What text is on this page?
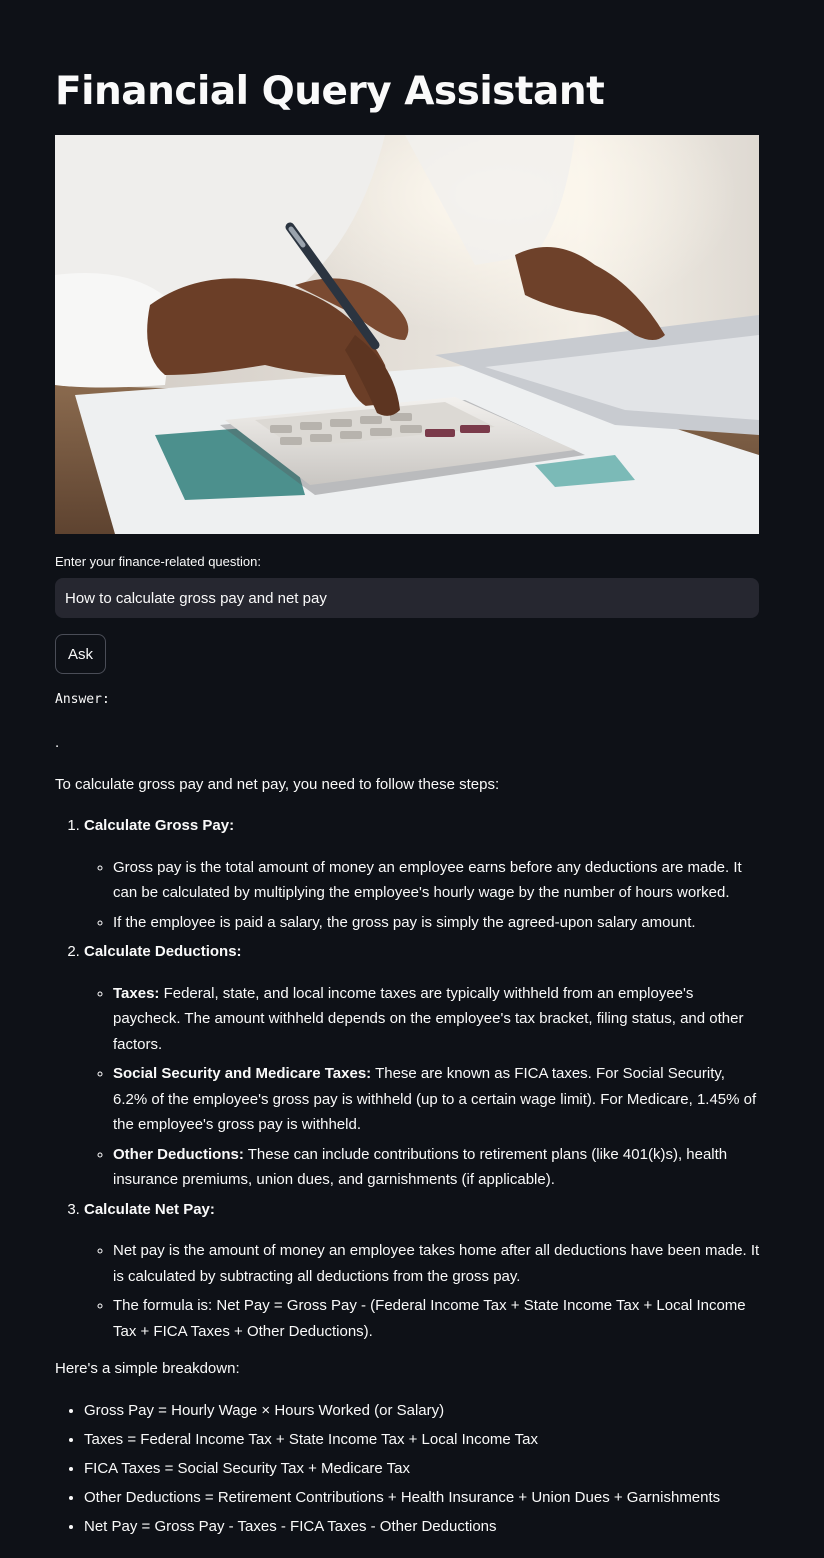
Financial Query Assistant
Enter your finance-related question:
How to calculate gross pay and net pay
Ask
Answer:

.

To calculate gross pay and net pay, you need to follow these steps:

1. Calculate Gross Pay:
◦ Gross pay is the total amount of money an employee earns before any deductions are made. It can be calculated by multiplying the employee's hourly wage by the number of hours worked.
◦ If the employee is paid a salary, the gross pay is simply the agreed-upon salary amount.
2. Calculate Deductions:
◦ Taxes: Federal, state, and local income taxes are typically withheld from an employee's paycheck. The amount withheld depends on the employee's tax bracket, filing status, and other factors.
◦ Social Security and Medicare Taxes: These are known as FICA taxes. For Social Security, 6.2% of the employee's gross pay is withheld (up to a certain wage limit). For Medicare, 1.45% of the employee's gross pay is withheld.
◦ Other Deductions: These can include contributions to retirement plans (like 401(k)s), health insurance premiums, union dues, and garnishments (if applicable).
3. Calculate Net Pay:
◦ Net pay is the amount of money an employee takes home after all deductions have been made. It is calculated by subtracting all deductions from the gross pay.
◦ The formula is: Net Pay = Gross Pay - (Federal Income Tax + State Income Tax + Local Income Tax + FICA Taxes + Other Deductions).

Here's a simple breakdown:

• Gross Pay = Hourly Wage × Hours Worked (or Salary)
• Taxes = Federal Income Tax + State Income Tax + Local Income Tax
• FICA Taxes = Social Security Tax + Medicare Tax
• Other Deductions = Retirement Contributions + Health Insurance + Union Dues + Garnishments
• Net Pay = Gross Pay - Taxes - FICA Taxes - Other Deductions
